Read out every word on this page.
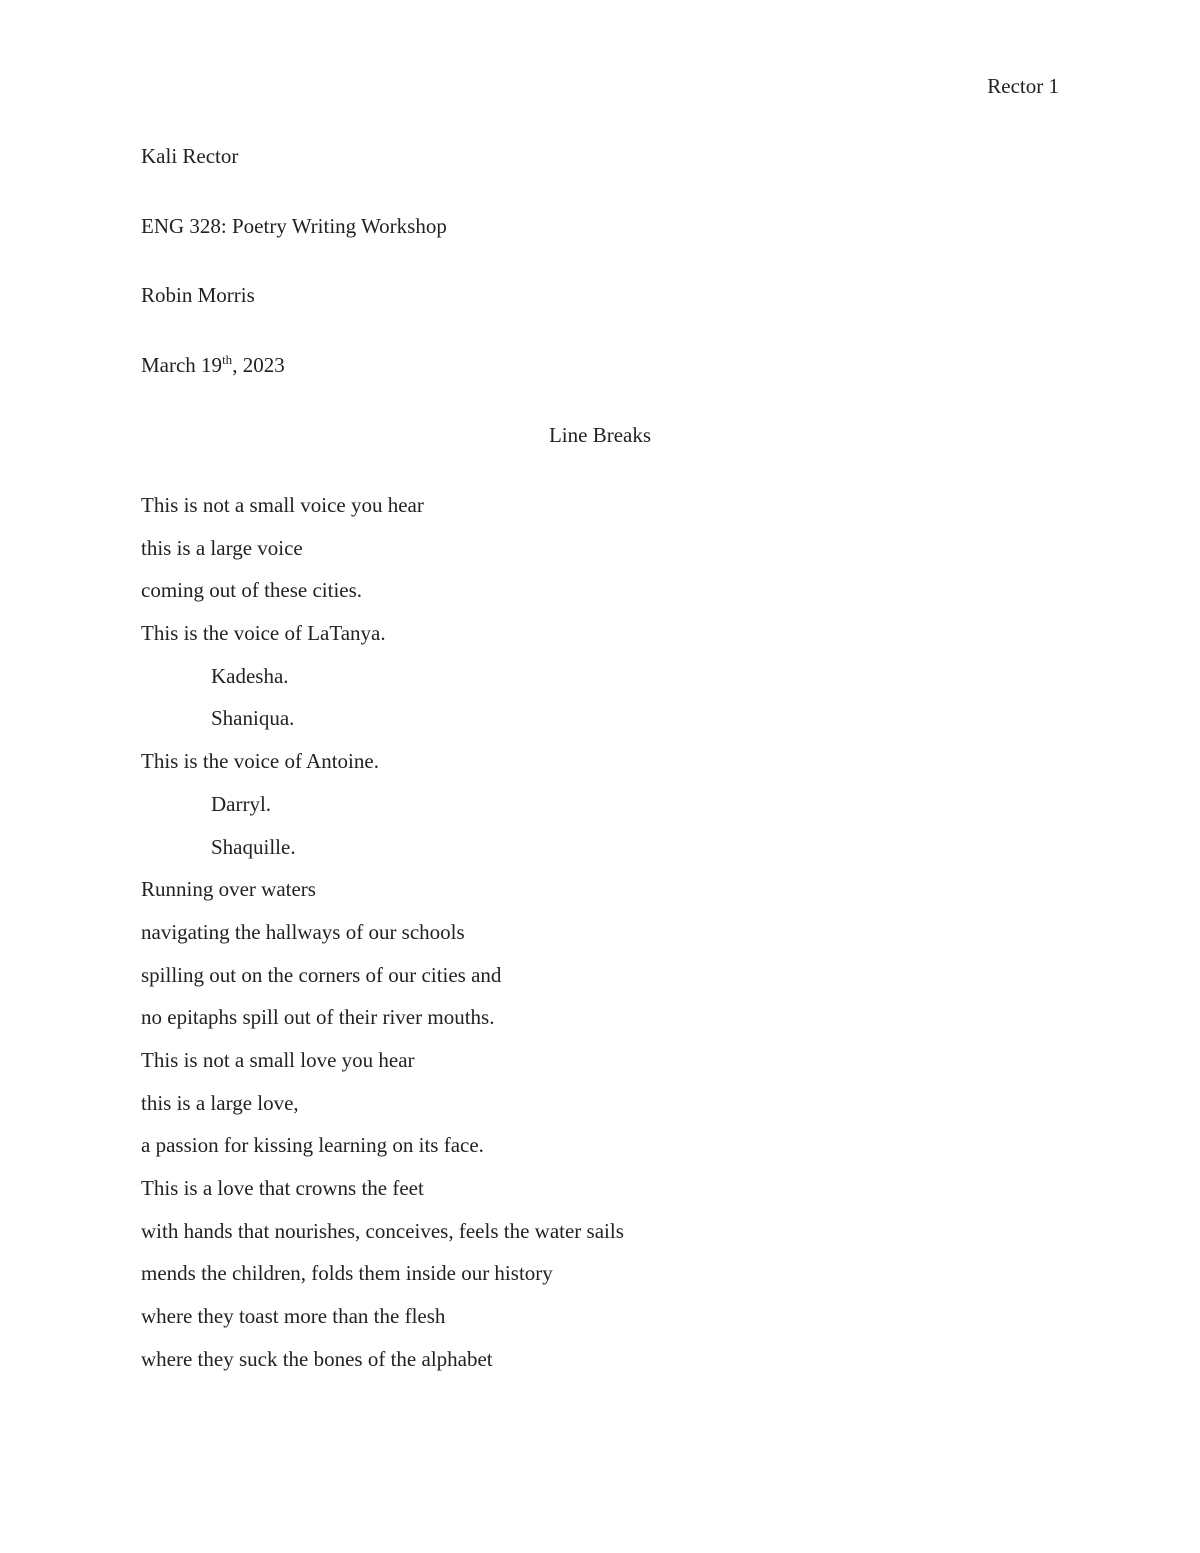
Rector 1
Kali Rector
ENG 328: Poetry Writing Workshop
Robin Morris
March 19th, 2023
Line Breaks
This is not a small voice you hear
this is a large voice
coming out of these cities.
This is the voice of LaTanya.
Kadesha.
Shaniqua.
This is the voice of Antoine.
Darryl.
Shaquille.
Running over waters
navigating the hallways of our schools
spilling out on the corners of our cities and
no epitaphs spill out of their river mouths.
This is not a small love you hear
this is a large love,
a passion for kissing learning on its face.
This is a love that crowns the feet
with hands that nourishes, conceives, feels the water sails
mends the children, folds them inside our history
where they toast more than the flesh
where they suck the bones of the alphabet
